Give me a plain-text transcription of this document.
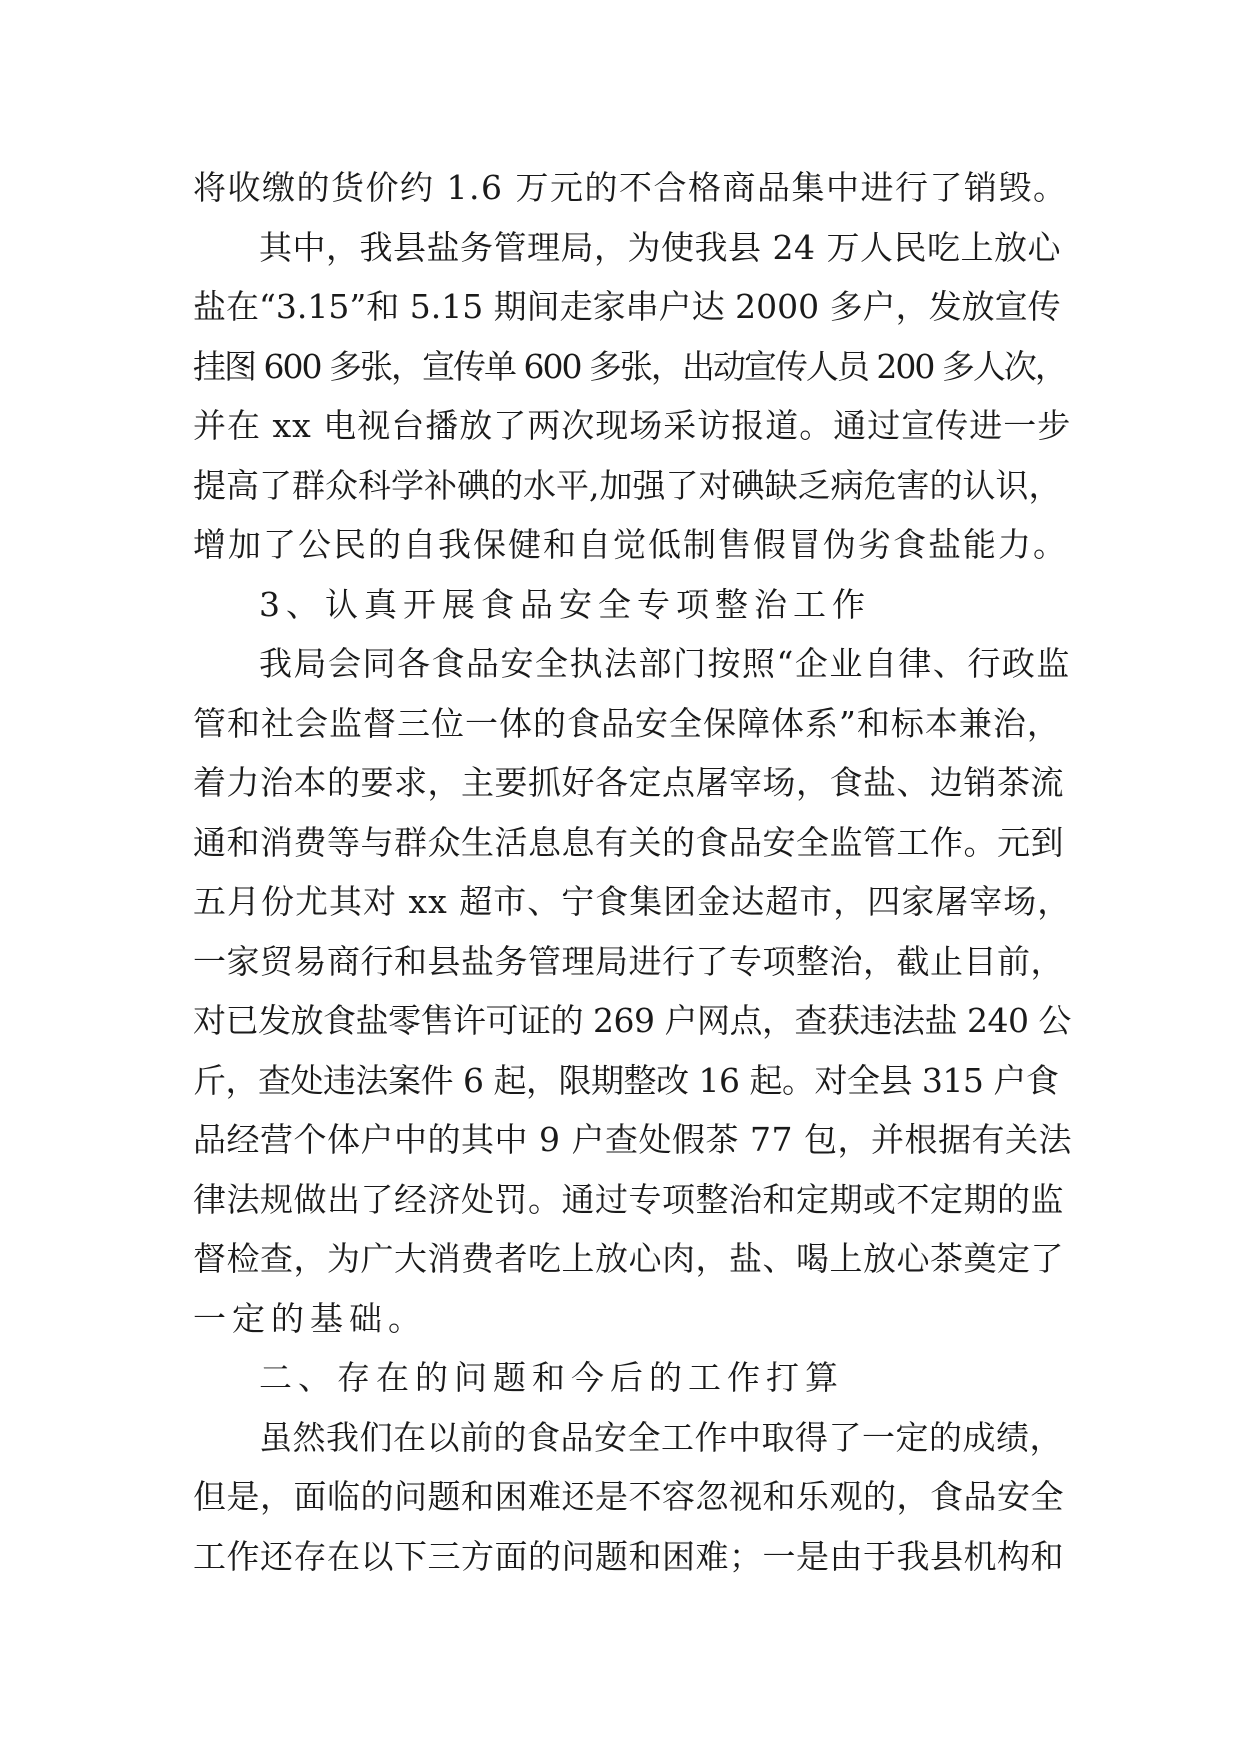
将收缴的货价约 1.6 万元的不合格商品集中进行了销毁。
其中，我县盐务管理局，为使我县 24 万人民吃上放心
盐在“3.15”和 5.15 期间走家串户达 2000 多户，发放宣传
挂图 600 多张，宣传单 600 多张，出动宣传人员 200 多人次，
并在 xx 电视台播放了两次现场采访报道。通过宣传进一步
提高了群众科学补碘的水平,加强了对碘缺乏病危害的认识，
增加了公民的自我保健和自觉低制售假冒伪劣食盐能力。
3、认真开展食品安全专项整治工作
我局会同各食品安全执法部门按照“企业自律、行政监
管和社会监督三位一体的食品安全保障体系”和标本兼治，
着力治本的要求，主要抓好各定点屠宰场，食盐、边销茶流
通和消费等与群众生活息息有关的食品安全监管工作。元到
五月份尤其对 xx 超市、宁食集团金达超市，四家屠宰场，
一家贸易商行和县盐务管理局进行了专项整治，截止目前，
对已发放食盐零售许可证的 269 户网点，查获违法盐 240 公
斤，查处违法案件 6 起，限期整改 16 起。对全县 315 户食
品经营个体户中的其中 9 户查处假茶 77 包，并根据有关法
律法规做出了经济处罚。通过专项整治和定期或不定期的监
督检查，为广大消费者吃上放心肉，盐、喝上放心茶奠定了
一定的基础。
二、存在的问题和今后的工作打算
虽然我们在以前的食品安全工作中取得了一定的成绩，
但是，面临的问题和困难还是不容忽视和乐观的，食品安全
工作还存在以下三方面的问题和困难；一是由于我县机构和
